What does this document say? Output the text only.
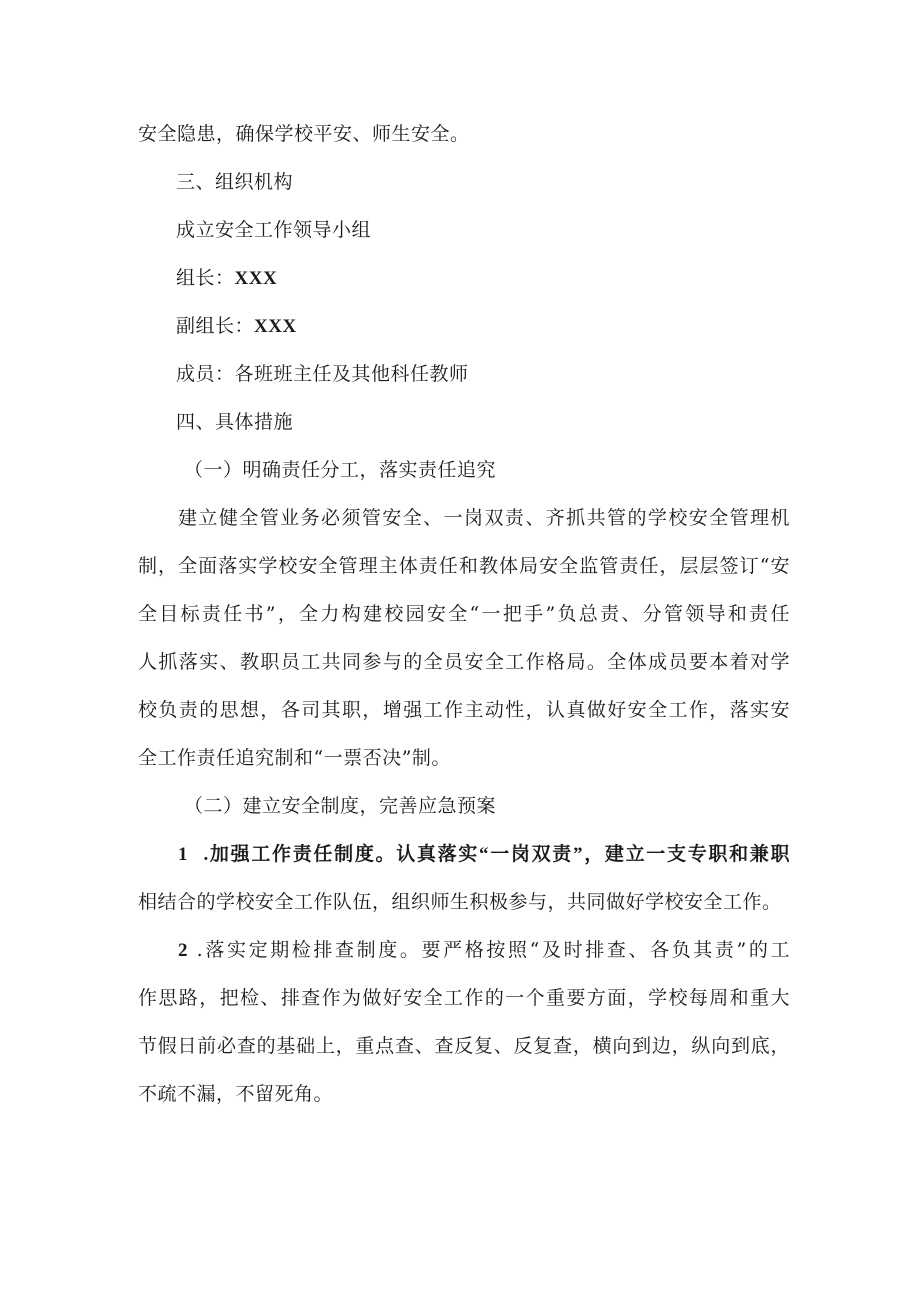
安全隐患，确保学校平安、师生安全。
三、组织机构
成立安全工作领导小组
组长：XXX
副组长：XXX
成员：各班班主任及其他科任教师
四、具体措施
（一）明确责任分工，落实责任追究
建立健全管业务必须管安全、一岗双责、齐抓共管的学校安全管理机
制，全面落实学校安全管理主体责任和教体局安全监管责任，层层签订“安
全目标责任书”，全力构建校园安全“一把手”负总责、分管领导和责任
人抓落实、教职员工共同参与的全员安全工作格局。全体成员要本着对学
校负责的思想，各司其职，增强工作主动性，认真做好安全工作，落实安
全工作责任追究制和“一票否决”制。
（二）建立安全制度，完善应急预案
1 .加强工作责任制度。认真落实“一岗双责”，建立一支专职和兼职
相结合的学校安全工作队伍，组织师生积极参与，共同做好学校安全工作。
2 .落实定期检排查制度。要严格按照“及时排查、各负其责”的工
作思路，把检、排查作为做好安全工作的一个重要方面，学校每周和重大
节假日前必查的基础上，重点查、查反复、反复查，横向到边，纵向到底，
不疏不漏，不留死角。
